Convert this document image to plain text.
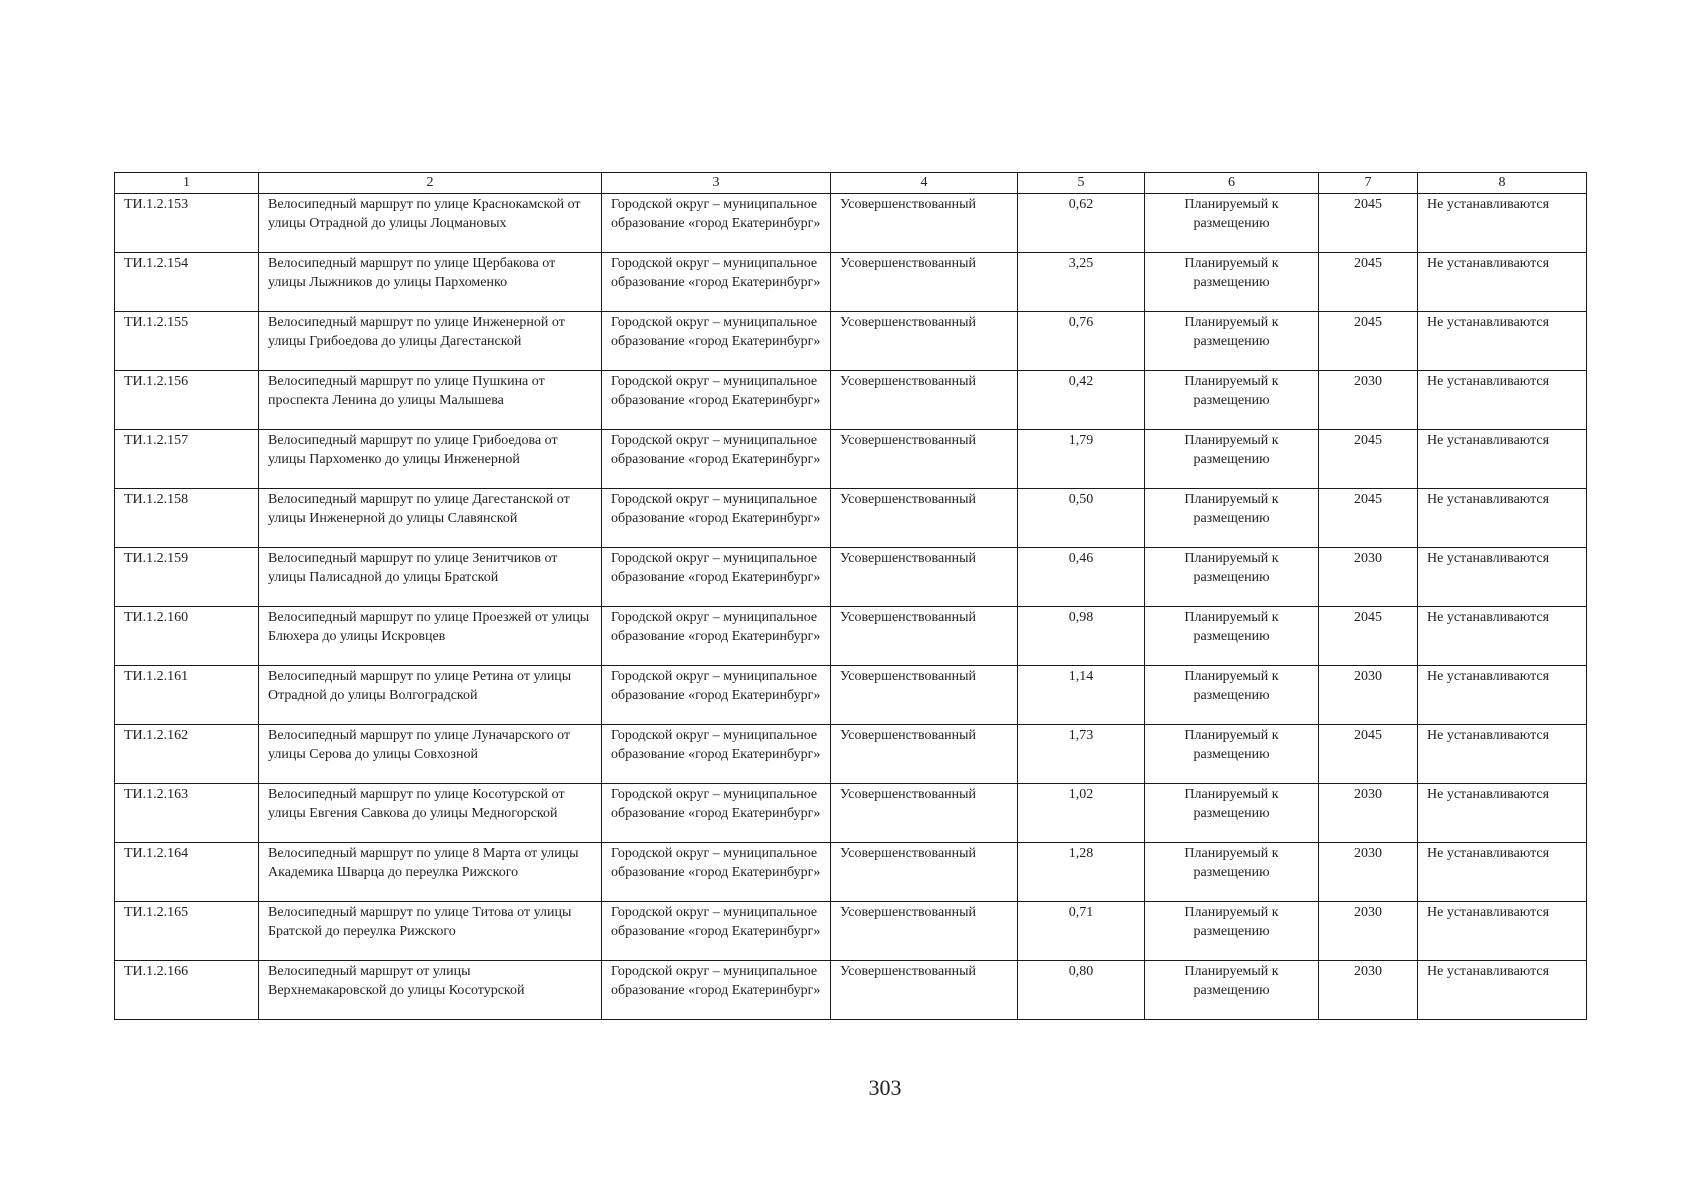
1	2	3	4	5	6	7	8
ТИ.1.2.153	Велосипедный маршрут по улице Краснокамской от улицы Отрадной до улицы Лоцмановых	Городской округ – муниципальное образование «город Екатеринбург»	Усовершенствованный	0,62	Планируемый к размещению	2045	Не устанавливаются
ТИ.1.2.154	Велосипедный маршрут по улице Щербакова от улицы Лыжников до улицы Пархоменко	Городской округ – муниципальное образование «город Екатеринбург»	Усовершенствованный	3,25	Планируемый к размещению	2045	Не устанавливаются
ТИ.1.2.155	Велосипедный маршрут по улице Инженерной от улицы Грибоедова до улицы Дагестанской	Городской округ – муниципальное образование «город Екатеринбург»	Усовершенствованный	0,76	Планируемый к размещению	2045	Не устанавливаются
ТИ.1.2.156	Велосипедный маршрут по улице Пушкина от проспекта Ленина до улицы Малышева	Городской округ – муниципальное образование «город Екатеринбург»	Усовершенствованный	0,42	Планируемый к размещению	2030	Не устанавливаются
ТИ.1.2.157	Велосипедный маршрут по улице Грибоедова от улицы Пархоменко до улицы Инженерной	Городской округ – муниципальное образование «город Екатеринбург»	Усовершенствованный	1,79	Планируемый к размещению	2045	Не устанавливаются
ТИ.1.2.158	Велосипедный маршрут по улице Дагестанской от улицы Инженерной до улицы Славянской	Городской округ – муниципальное образование «город Екатеринбург»	Усовершенствованный	0,50	Планируемый к размещению	2045	Не устанавливаются
ТИ.1.2.159	Велосипедный маршрут по улице Зенитчиков от улицы Палисадной до улицы Братской	Городской округ – муниципальное образование «город Екатеринбург»	Усовершенствованный	0,46	Планируемый к размещению	2030	Не устанавливаются
ТИ.1.2.160	Велосипедный маршрут по улице Проезжей от улицы Блюхера до улицы Искровцев	Городской округ – муниципальное образование «город Екатеринбург»	Усовершенствованный	0,98	Планируемый к размещению	2045	Не устанавливаются
ТИ.1.2.161	Велосипедный маршрут по улице Ретина от улицы Отрадной до улицы Волгоградской	Городской округ – муниципальное образование «город Екатеринбург»	Усовершенствованный	1,14	Планируемый к размещению	2030	Не устанавливаются
ТИ.1.2.162	Велосипедный маршрут по улице Луначарского от улицы Серова до улицы Совхозной	Городской округ – муниципальное образование «город Екатеринбург»	Усовершенствованный	1,73	Планируемый к размещению	2045	Не устанавливаются
ТИ.1.2.163	Велосипедный маршрут по улице Косотурской от улицы Евгения Савкова до улицы Медногорской	Городской округ – муниципальное образование «город Екатеринбург»	Усовершенствованный	1,02	Планируемый к размещению	2030	Не устанавливаются
ТИ.1.2.164	Велосипедный маршрут по улице 8 Марта от улицы Академика Шварца до переулка Рижского	Городской округ – муниципальное образование «город Екатеринбург»	Усовершенствованный	1,28	Планируемый к размещению	2030	Не устанавливаются
ТИ.1.2.165	Велосипедный маршрут по улице Титова от улицы Братской до переулка Рижского	Городской округ – муниципальное образование «город Екатеринбург»	Усовершенствованный	0,71	Планируемый к размещению	2030	Не устанавливаются
ТИ.1.2.166	Велосипедный маршрут от улицы Верхнемакаровской до улицы Косотурской	Городской округ – муниципальное образование «город Екатеринбург»	Усовершенствованный	0,80	Планируемый к размещению	2030	Не устанавливаются
303
